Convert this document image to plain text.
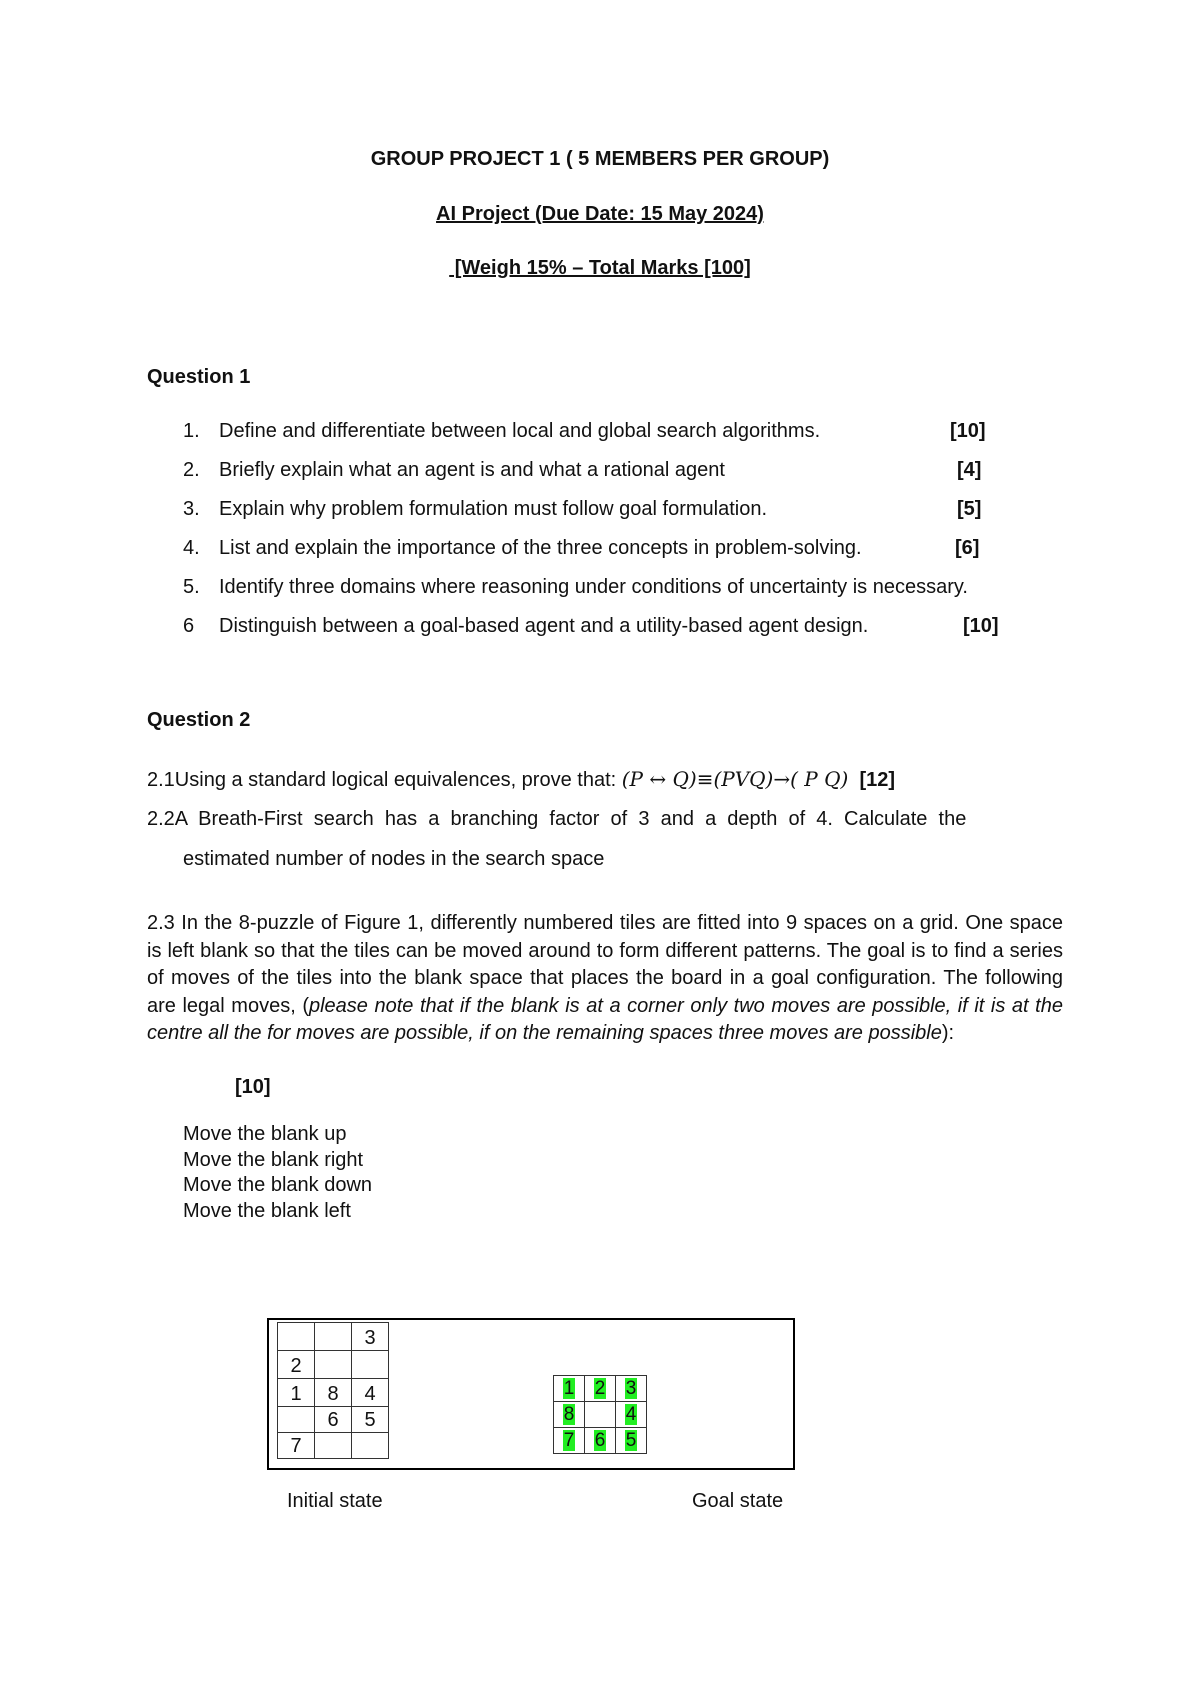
GROUP PROJECT 1 ( 5 MEMBERS PER GROUP)
AI Project (Due Date: 15 May 2024)
[Weigh 15% – Total Marks [100]
Question 1
1. Define and differentiate between local and global search algorithms.	[10]
2. Briefly explain what an agent is and what a rational agent	[4]
3. Explain why problem formulation must follow goal formulation.	[5]
4. List and explain the importance of the three concepts in problem-solving.	[6]
5. Identify three domains where reasoning under conditions of uncertainty is necessary.
6	Distinguish between a goal-based agent and a utility-based agent design.	[10]
Question 2
2.1Using a standard logical equivalences, prove that: (P ↔ Q)≡(PVQ)→( P Q) [12]
2.2A  Breath-First  search  has  a  branching  factor  of  3  and  a  depth  of  4.  Calculate  the
estimated number of nodes in the search space
2.3 In the 8-puzzle of Figure 1, differently numbered tiles are fitted into 9 spaces on a grid. One space is left blank so that the tiles can be moved around to form different patterns. The goal is to find a series of moves of the tiles into the blank space that places the board in a goal configuration. The following are legal moves, (please note that if the blank is at a corner only two moves are possible, if it is at the centre all the for moves are possible, if on the remaining spaces three moves are possible):
[10]
Move the blank up
Move the blank right
Move the blank down
Move the blank left
		3
2		
1	8	4
	6	5
7		
1	2	3
8		4
7	6	5
Initial state	Goal state
